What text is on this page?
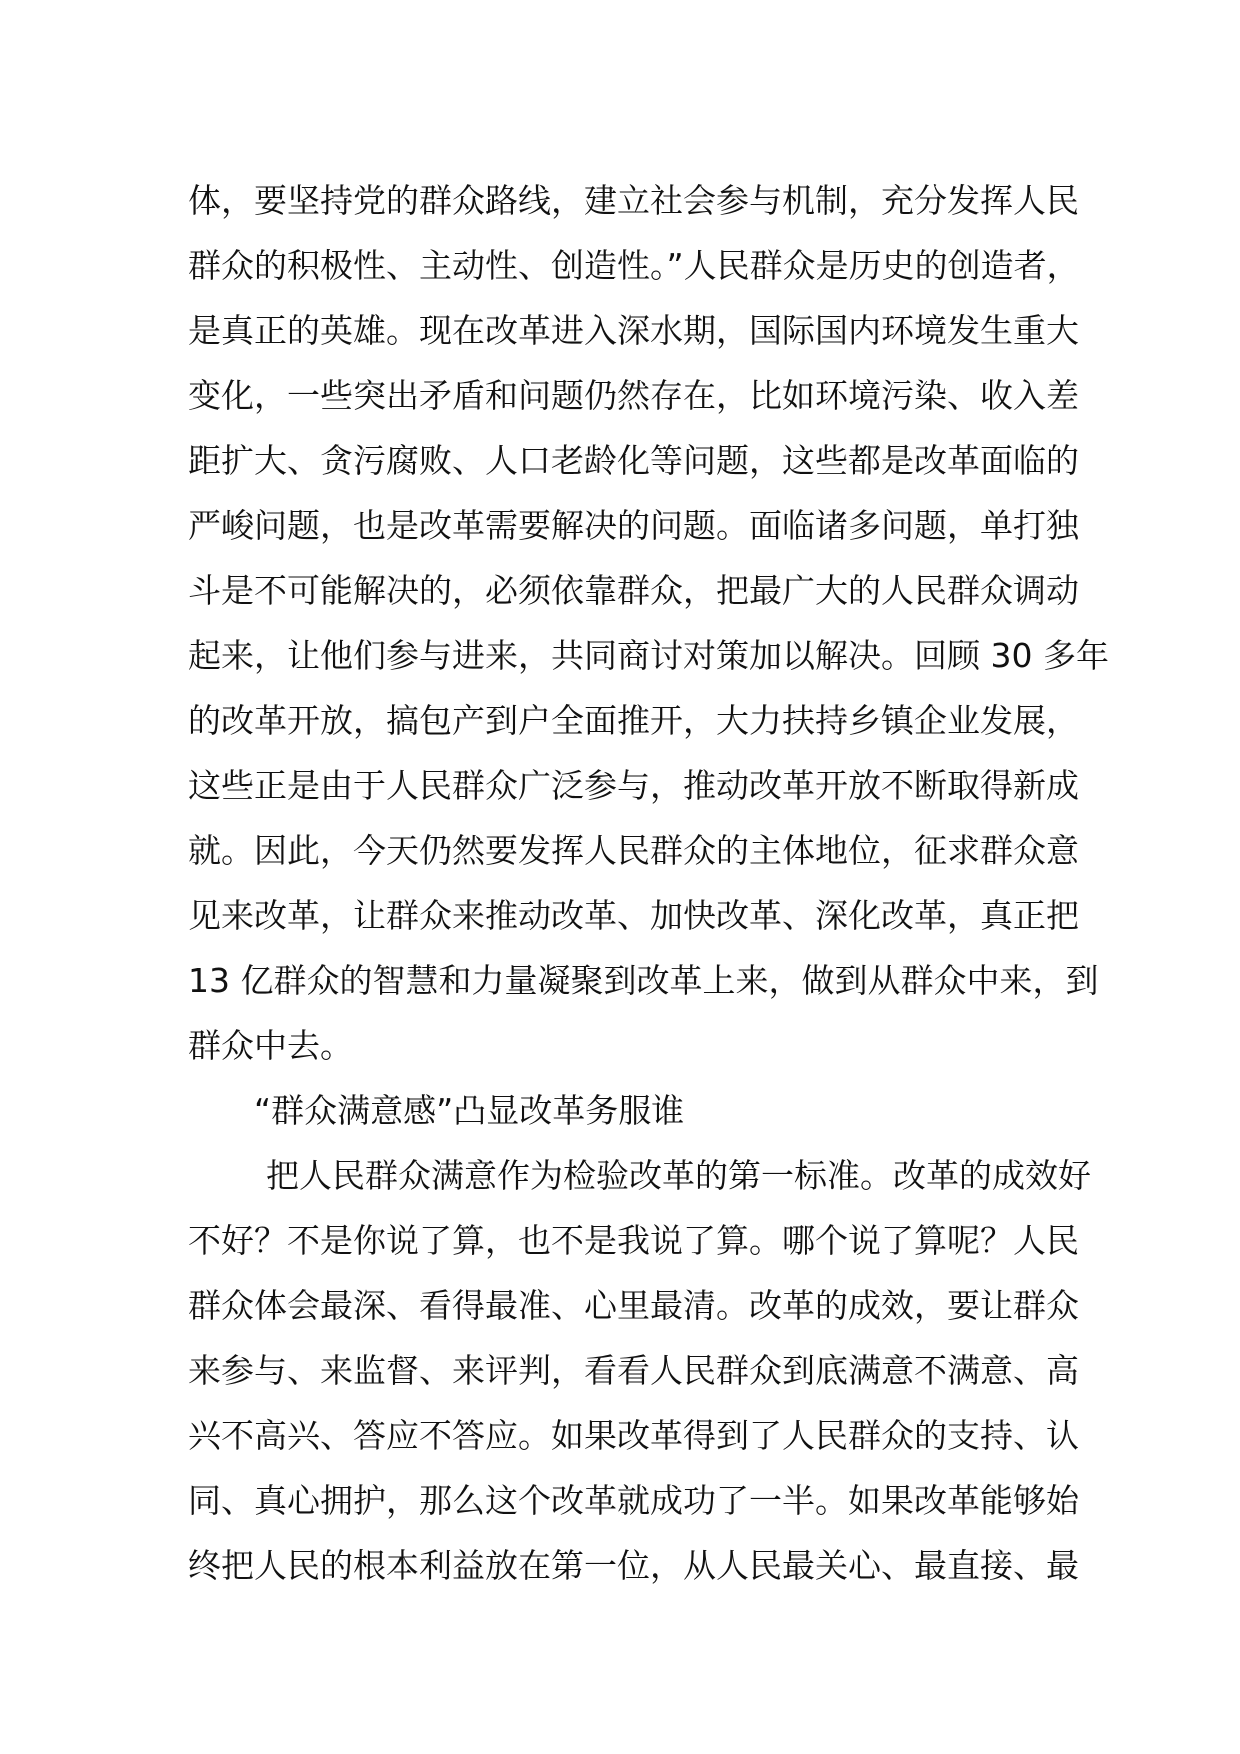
体，要坚持党的群众路线，建立社会参与机制，充分发挥人民
群众的积极性、主动性、创造性。”人民群众是历史的创造者，
是真正的英雄。现在改革进入深水期，国际国内环境发生重大
变化，一些突出矛盾和问题仍然存在，比如环境污染、收入差
距扩大、贪污腐败、人口老龄化等问题，这些都是改革面临的
严峻问题，也是改革需要解决的问题。面临诸多问题，单打独
斗是不可能解决的，必须依靠群众，把最广大的人民群众调动
起来，让他们参与进来，共同商讨对策加以解决。回顾 30 多年
的改革开放，搞包产到户全面推开，大力扶持乡镇企业发展，
这些正是由于人民群众广泛参与，推动改革开放不断取得新成
就。因此，今天仍然要发挥人民群众的主体地位，征求群众意
见来改革，让群众来推动改革、加快改革、深化改革，真正把
13 亿群众的智慧和力量凝聚到改革上来，做到从群众中来，到
群众中去。
“群众满意感”凸显改革务服谁
把人民群众满意作为检验改革的第一标准。改革的成效好
不好？不是你说了算，也不是我说了算。哪个说了算呢？人民
群众体会最深、看得最准、心里最清。改革的成效，要让群众
来参与、来监督、来评判，看看人民群众到底满意不满意、高
兴不高兴、答应不答应。如果改革得到了人民群众的支持、认
同、真心拥护，那么这个改革就成功了一半。如果改革能够始
终把人民的根本利益放在第一位，从人民最关心、最直接、最
